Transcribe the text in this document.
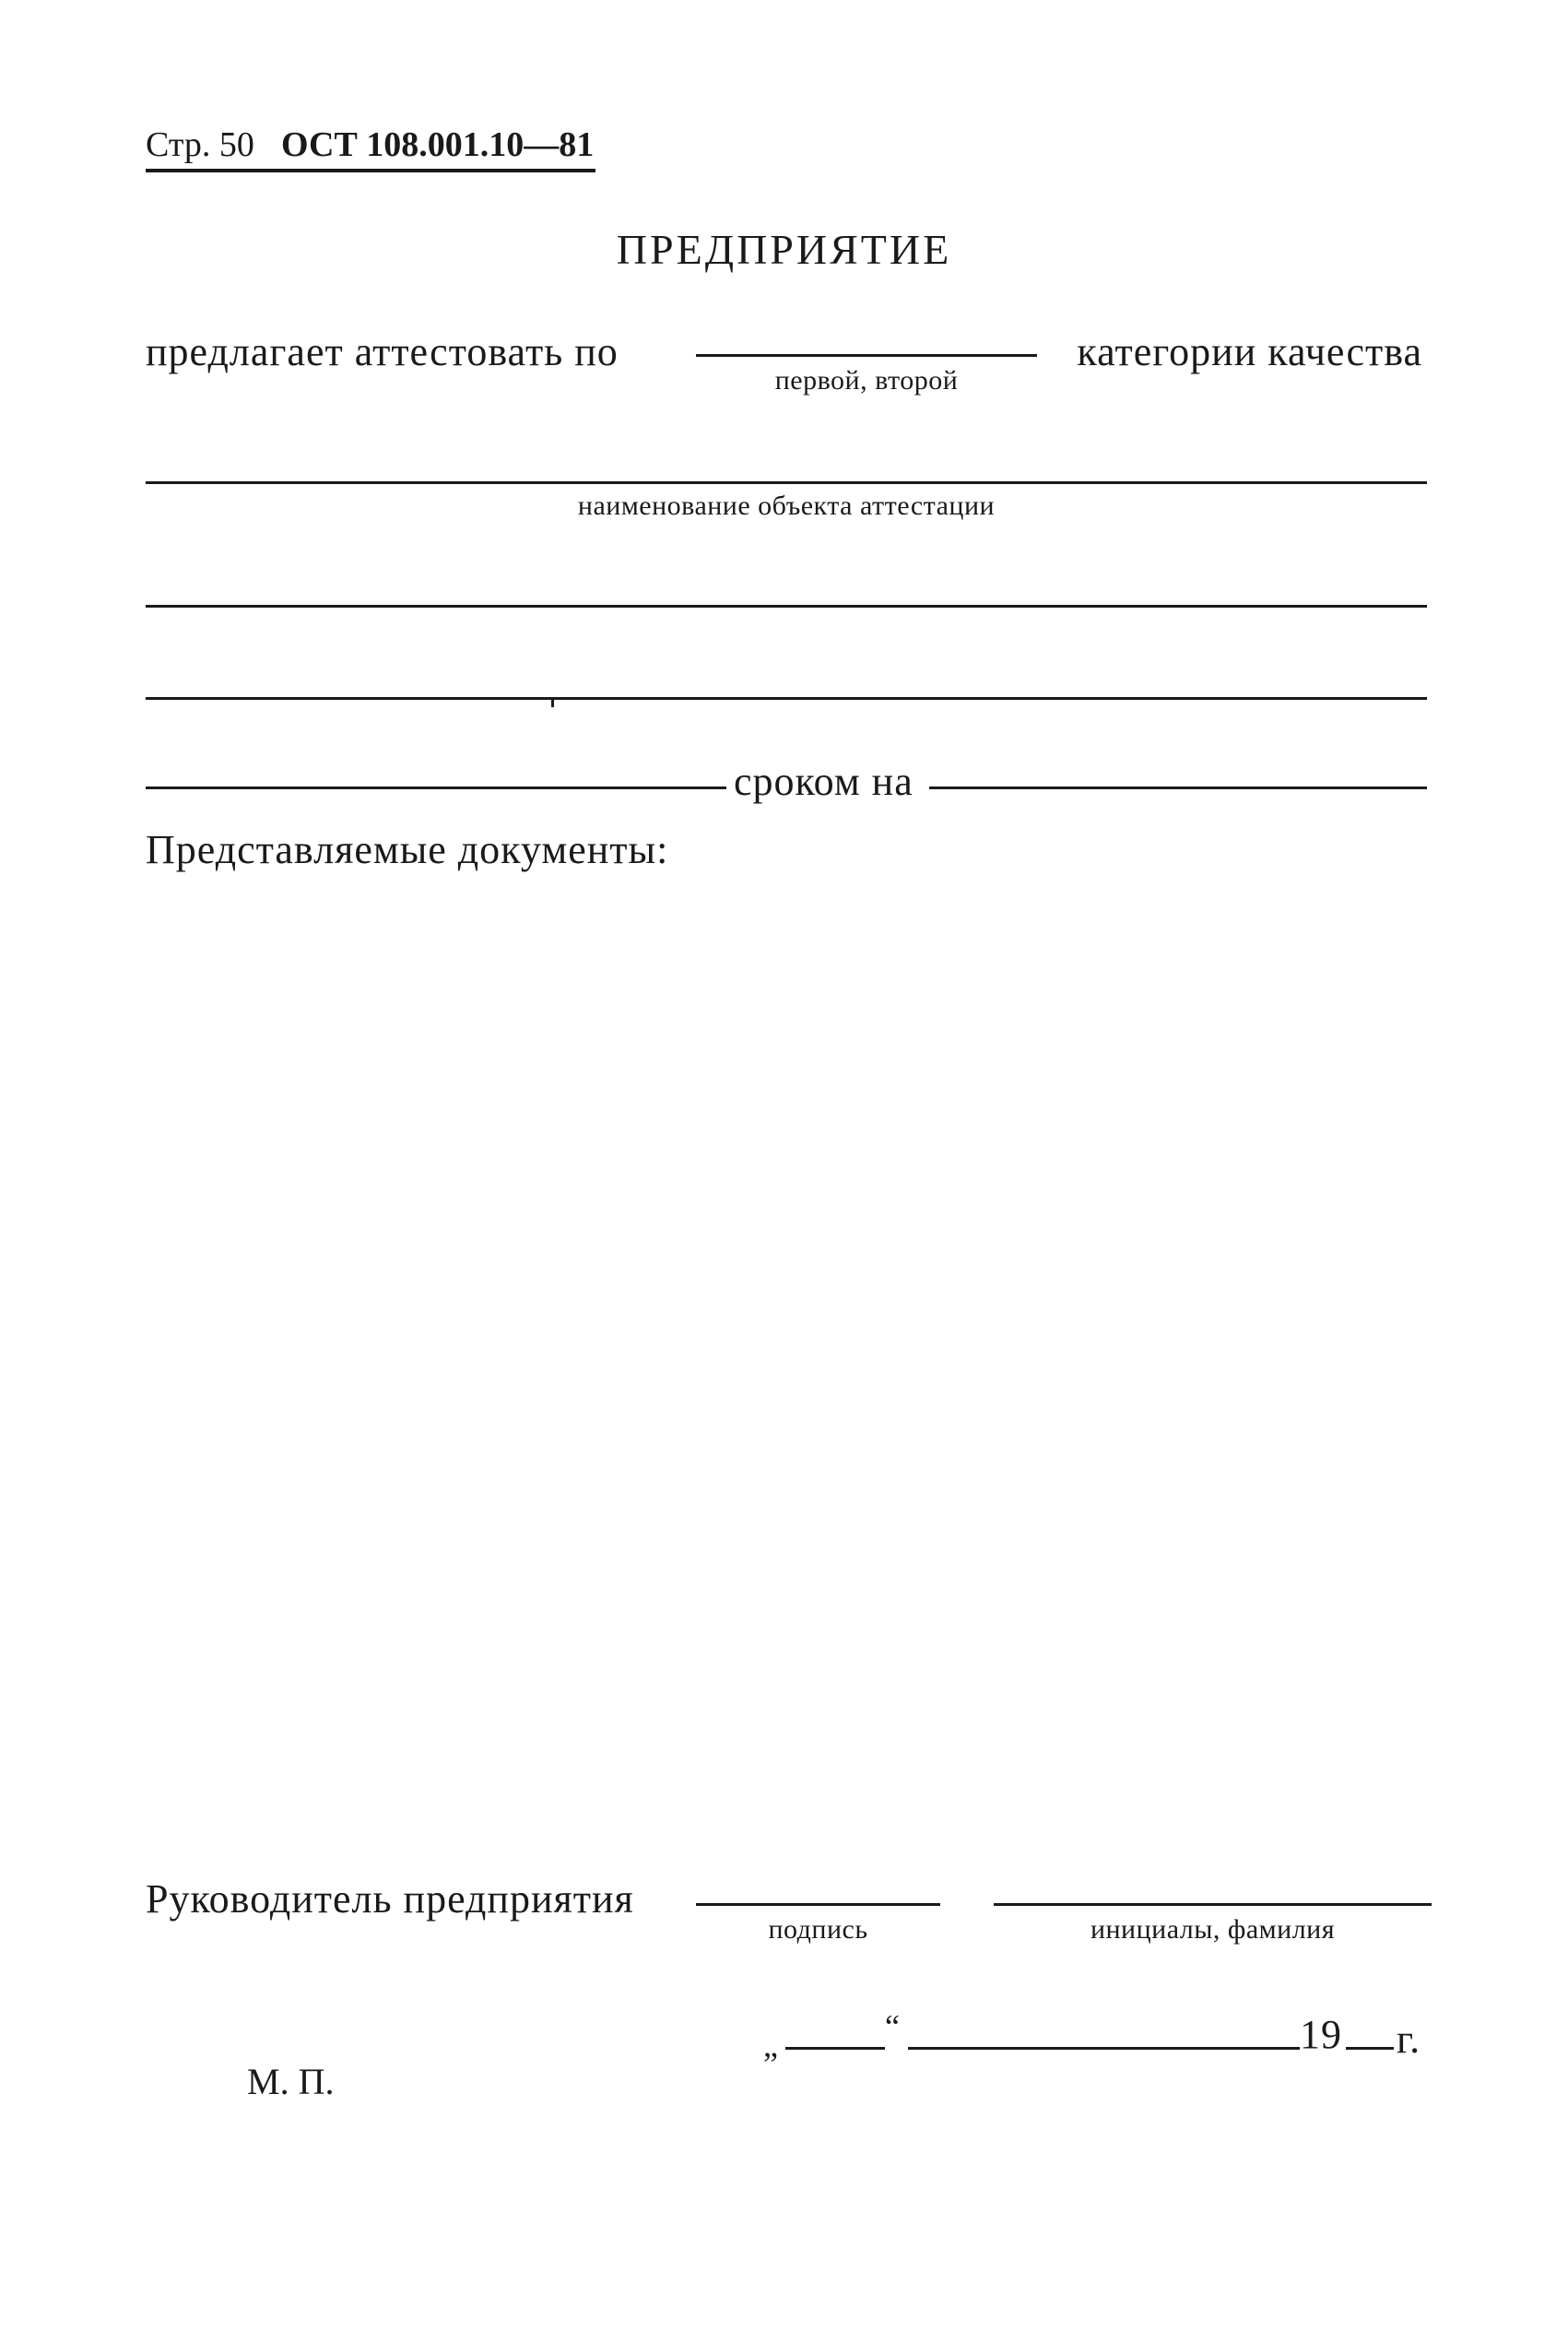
Стр. 50 ОСТ 108.001.10—81
ПРЕДПРИЯТИЕ
предлагает аттестовать по
первой, второй
категории качества
наименование объекта аттестации
сроком на
Представляемые документы:
Руководитель предприятия
подпись	инициалы, фамилия
„	“	19 г.
М. П.
